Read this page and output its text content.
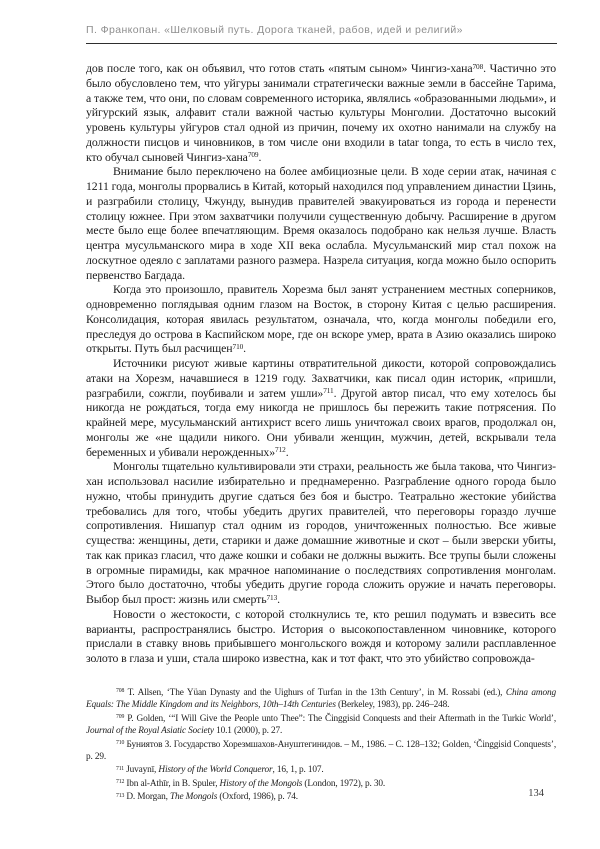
П. Франкопан. «Шелковый путь. Дорога тканей, рабов, идей и религий»

дов после того, как он объявил, что готов стать «пятым сыном» Чингиз-хана$^{708}$. Частично это было обусловлено тем, что уйгуры занимали стратегически важные земли в бассейне Тарима, а также тем, что они, по словам современного историка, являлись «образованными людьми», и уйгурский язык, алфавит стали важной частью культуры Монголии. Достаточно высокий уровень культуры уйгуров стал одной из причин, почему их охотно нанимали на службу на должности писцов и чиновников, в том числе они входили в tatar tonga, то есть в число тех, кто обучал сыновей Чингиз-хана$^{709}$.

Внимание было переключено на более амбициозные цели. В ходе серии атак, начиная с 1211 года, монголы прорвались в Китай, который находился под управлением династии Цзинь, и разграбили столицу, Чжунду, вынудив правителей эвакуироваться из города и перенести столицу южнее. При этом захватчики получили существенную добычу. Расширение в другом месте было еще более впечатляющим. Время оказалось подобрано как нельзя лучше. Власть центра мусульманского мира в ходе XII века ослабла. Мусульманский мир стал похож на лоскутное одеяло с заплатами разного размера. Назрела ситуация, когда можно было оспорить первенство Багдада.

Когда это произошло, правитель Хорезма был занят устранением местных соперников, одновременно поглядывая одним глазом на Восток, в сторону Китая с целью расширения. Консолидация, которая явилась результатом, означала, что, когда монголы победили его, преследуя до острова в Каспийском море, где он вскоре умер, врата в Азию оказались широко открыты. Путь был расчищен$^{710}$.

Источники рисуют живые картины отвратительной дикости, которой сопровождались атаки на Хорезм, начавшиеся в 1219 году. Захватчики, как писал один историк, «пришли, разграбили, сожгли, поубивали и затем ушли»$^{711}$. Другой автор писал, что ему хотелось бы никогда не рождаться, тогда ему никогда не пришлось бы пережить такие потрясения. По крайней мере, мусульманский антихрист всего лишь уничтожал своих врагов, продолжал он, монголы же «не щадили никого. Они убивали женщин, мужчин, детей, вскрывали тела беременных и убивали нерожденных»$^{712}$.

Монголы тщательно культивировали эти страхи, реальность же была такова, что Чингиз-хан использовал насилие избирательно и преднамеренно. Разграбление одного города было нужно, чтобы принудить другие сдаться без боя и быстро. Театрально жестокие убийства требовались для того, чтобы убедить других правителей, что переговоры гораздо лучше сопротивления. Нишапур стал одним из городов, уничтоженных полностью. Все живые существа: женщины, дети, старики и даже домашние животные и скот – были зверски убиты, так как приказ гласил, что даже кошки и собаки не должны выжить. Все трупы были сложены в огромные пирамиды, как мрачное напоминание о последствиях сопротивления монголам. Этого было достаточно, чтобы убедить другие города сложить оружие и начать переговоры. Выбор был прост: жизнь или смерть$^{713}$.

Новости о жестокости, с которой столкнулись те, кто решил подумать и взвесить все варианты, распространялись быстро. История о высокопоставленном чиновнике, которого прислали в ставку вновь прибывшего монгольского вождя и которому залили расплавленное золото в глаза и уши, стала широко известна, как и тот факт, что это убийство сопровожда-

$^{708}$ T. Allsen, ‘The Yüan Dynasty and the Uighurs of Turfan in the 13th Century’, in M. Rossabi (ed.), China among Equals: The Middle Kingdom and its Neighbors, 10th–14th Centuries (Berkeley, 1983), pp. 246–248.

$^{709}$ P. Golden, ‘“I Will Give the People unto Thee”: The Činggisid Conquests and their Aftermath in the Turkic World’, Journal of the Royal Asiatic Society 10.1 (2000), p. 27.

$^{710}$ Буниятов З. Государство Хорезмшахов-Ануштегинидов. – М., 1986. – С. 128–132; Golden, ‘Činggisid Conquests’, p. 29.

$^{711}$ Juvaynī, History of the World Conqueror, 16, 1, p. 107.

$^{712}$ Ibn al-Athīr, in B. Spuler, History of the Mongols (London, 1972), p. 30.

$^{713}$ D. Morgan, The Mongols (Oxford, 1986), p. 74.	134
